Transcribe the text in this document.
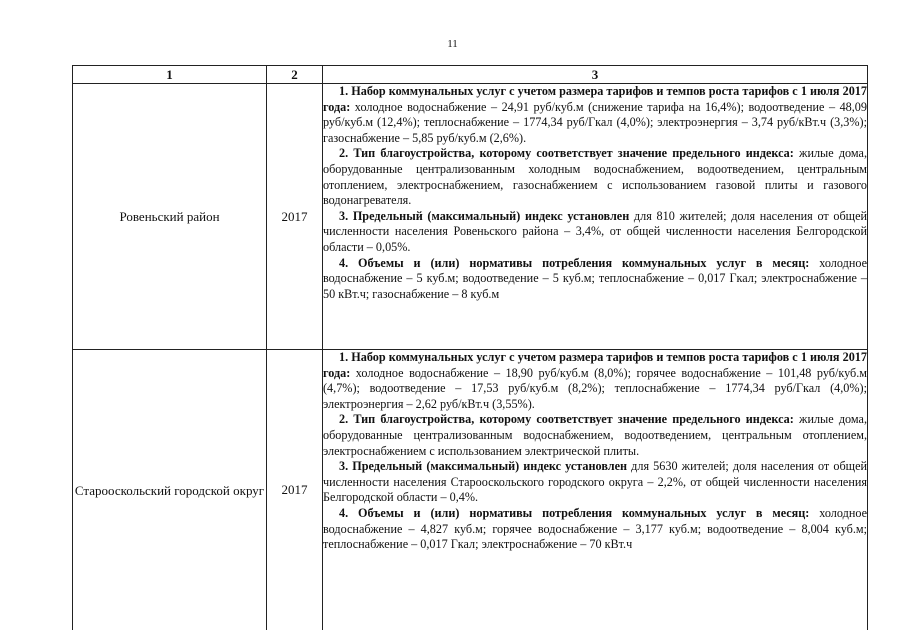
11
1	2	3
Ровеньский район	2017	1. Набор коммунальных услуг с учетом размера тарифов и темпов роста тарифов с 1 июля 2017 года: холодное водоснабжение – 24,91 руб/куб.м (снижение тарифа на 16,4%); водоотведение – 48,09 руб/куб.м (12,4%); теплоснабжение – 1774,34 руб/Гкал (4,0%); электроэнергия – 3,74 руб/кВт.ч (3,3%); газоснабжение – 5,85 руб/куб.м (2,6%).

2. Тип благоустройства, которому соответствует значение предельного индекса: жилые дома, оборудованные централизованным холодным водоснабжением, водоотведением, центральным отоплением, электроснабжением, газоснабжением с использованием газовой плиты и газового водонагревателя.

3. Предельный (максимальный) индекс установлен для 810 жителей; доля населения от общей численности населения Ровеньского района – 3,4%, от общей численности населения Белгородской области – 0,05%.

4. Объемы и (или) нормативы потребления коммунальных услуг в месяц: холодное водоснабжение – 5 куб.м; водоотведение – 5 куб.м; теплоснабжение – 0,017 Гкал; электроснабжение – 50 кВт.ч; газоснабжение – 8 куб.м

Старооскольский городской округ	2017	1. Набор коммунальных услуг с учетом размера тарифов и темпов роста тарифов с 1 июля 2017 года: холодное водоснабжение – 18,90 руб/куб.м (8,0%); горячее водоснабжение – 101,48 руб/куб.м (4,7%); водоотведение – 17,53 руб/куб.м (8,2%); теплоснабжение – 1774,34 руб/Гкал (4,0%); электроэнергия – 2,62 руб/кВт.ч (3,55%).

2. Тип благоустройства, которому соответствует значение предельного индекса: жилые дома, оборудованные централизованным водоснабжением, водоотведением, центральным отоплением, электроснабжением с использованием электрической плиты.

3. Предельный (максимальный) индекс установлен для 5630 жителей; доля населения от общей численности населения Старооскольского городского округа – 2,2%, от общей численности населения Белгородской области – 0,4%.

4. Объемы и (или) нормативы потребления коммунальных услуг в месяц: холодное водоснабжение – 4,827 куб.м; горячее водоснабжение – 3,177 куб.м; водоотведение – 8,004 куб.м; теплоснабжение – 0,017 Гкал; электроснабжение – 70 кВт.ч
